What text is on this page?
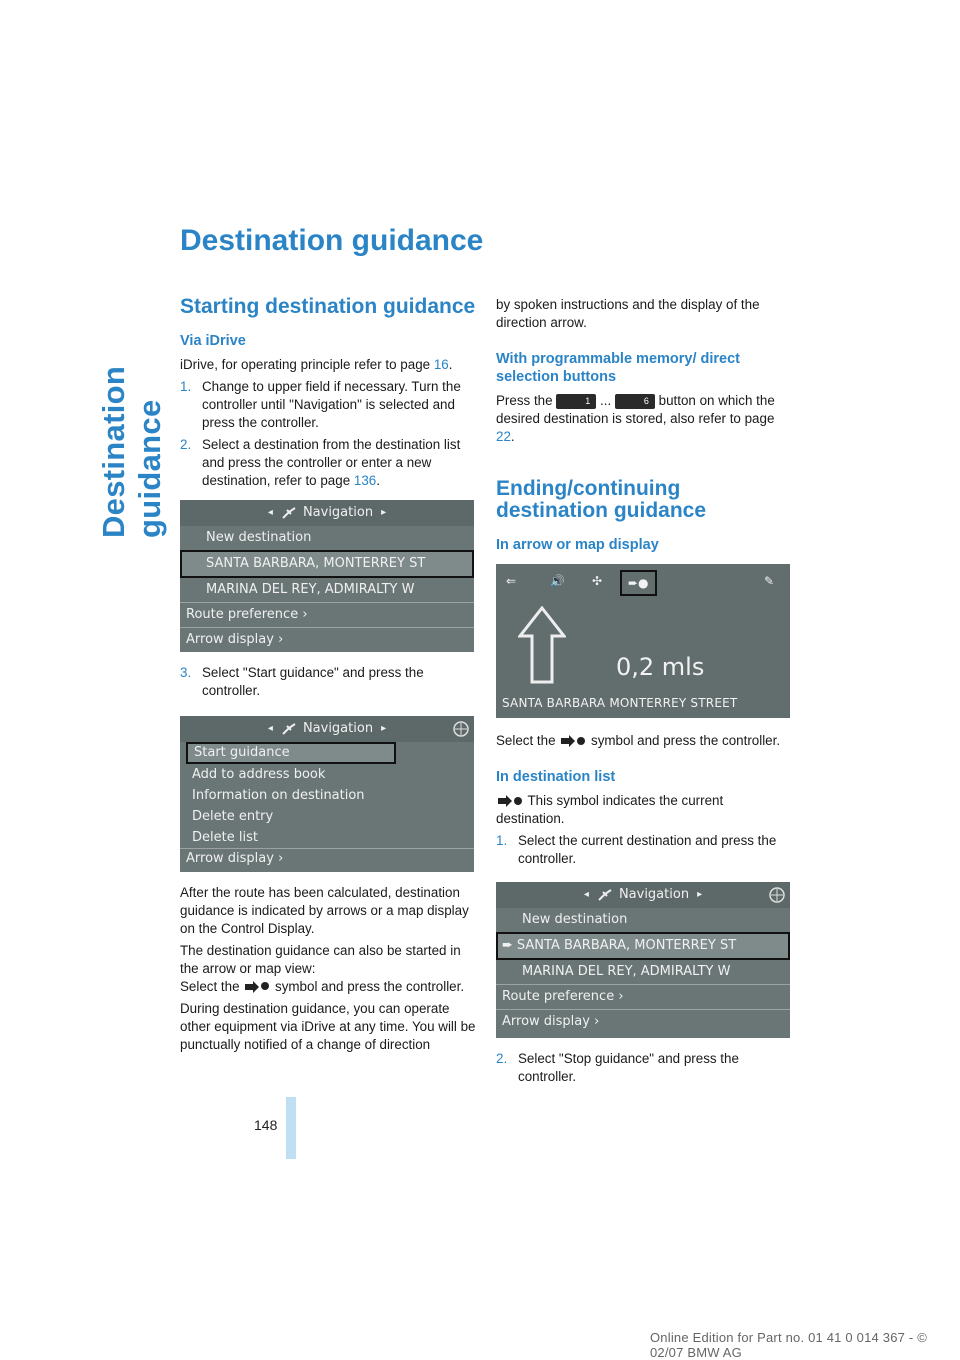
Destination guidance
Destination guidance
Starting destination guidance
Via iDrive

iDrive, for operating principle refer to page 16.

1. Change to upper field if necessary. Turn the controller until "Navigation" is selected and press the controller.
2. Select a destination from the destination list and press the controller or enter a new destination, refer to page 136.
◂ Navigation ▸
New destination
SANTA BARBARA, MONTERREY ST
MARINA DEL REY, ADMIRALTY W
Route preference ›
Arrow display ›
3. Select "Start guidance" and press the controller.
◂ Navigation ▸
Start guidance
Add to address book
Information on destination
Delete entry
Delete list
Arrow display ›

After the route has been calculated, destination guidance is indicated by arrows or a map display on the Control Display.

The destination guidance can also be started in the arrow or map view:

Select the  symbol and press the controller.

During destination guidance, you can operate other equipment via iDrive at any time. You will be punctually notified of a change of direction

by spoken instructions and the display of the direction arrow.

With programmable memory/ direct selection buttons

Press the	1 ...	6 button on which the desired destination is stored, also refer to page 22.

Ending/continuing destination guidance
In arrow or map display
⇐	🔊 ✣	➨●	✎
0,2 mls
SANTA BARBARA MONTERREY STREET

Select the  symbol and press the controller.

In destination list

This symbol indicates the current destination.

1. Select the current destination and press the controller.
◂ Navigation ▸
New destination
➨ SANTA BARBARA, MONTERREY ST
MARINA DEL REY, ADMIRALTY W
Route preference ›
Arrow display ›
2. Select "Stop guidance" and press the controller.
148
Online Edition for Part no. 01 41 0 014 367 - © 02/07 BMW AG
